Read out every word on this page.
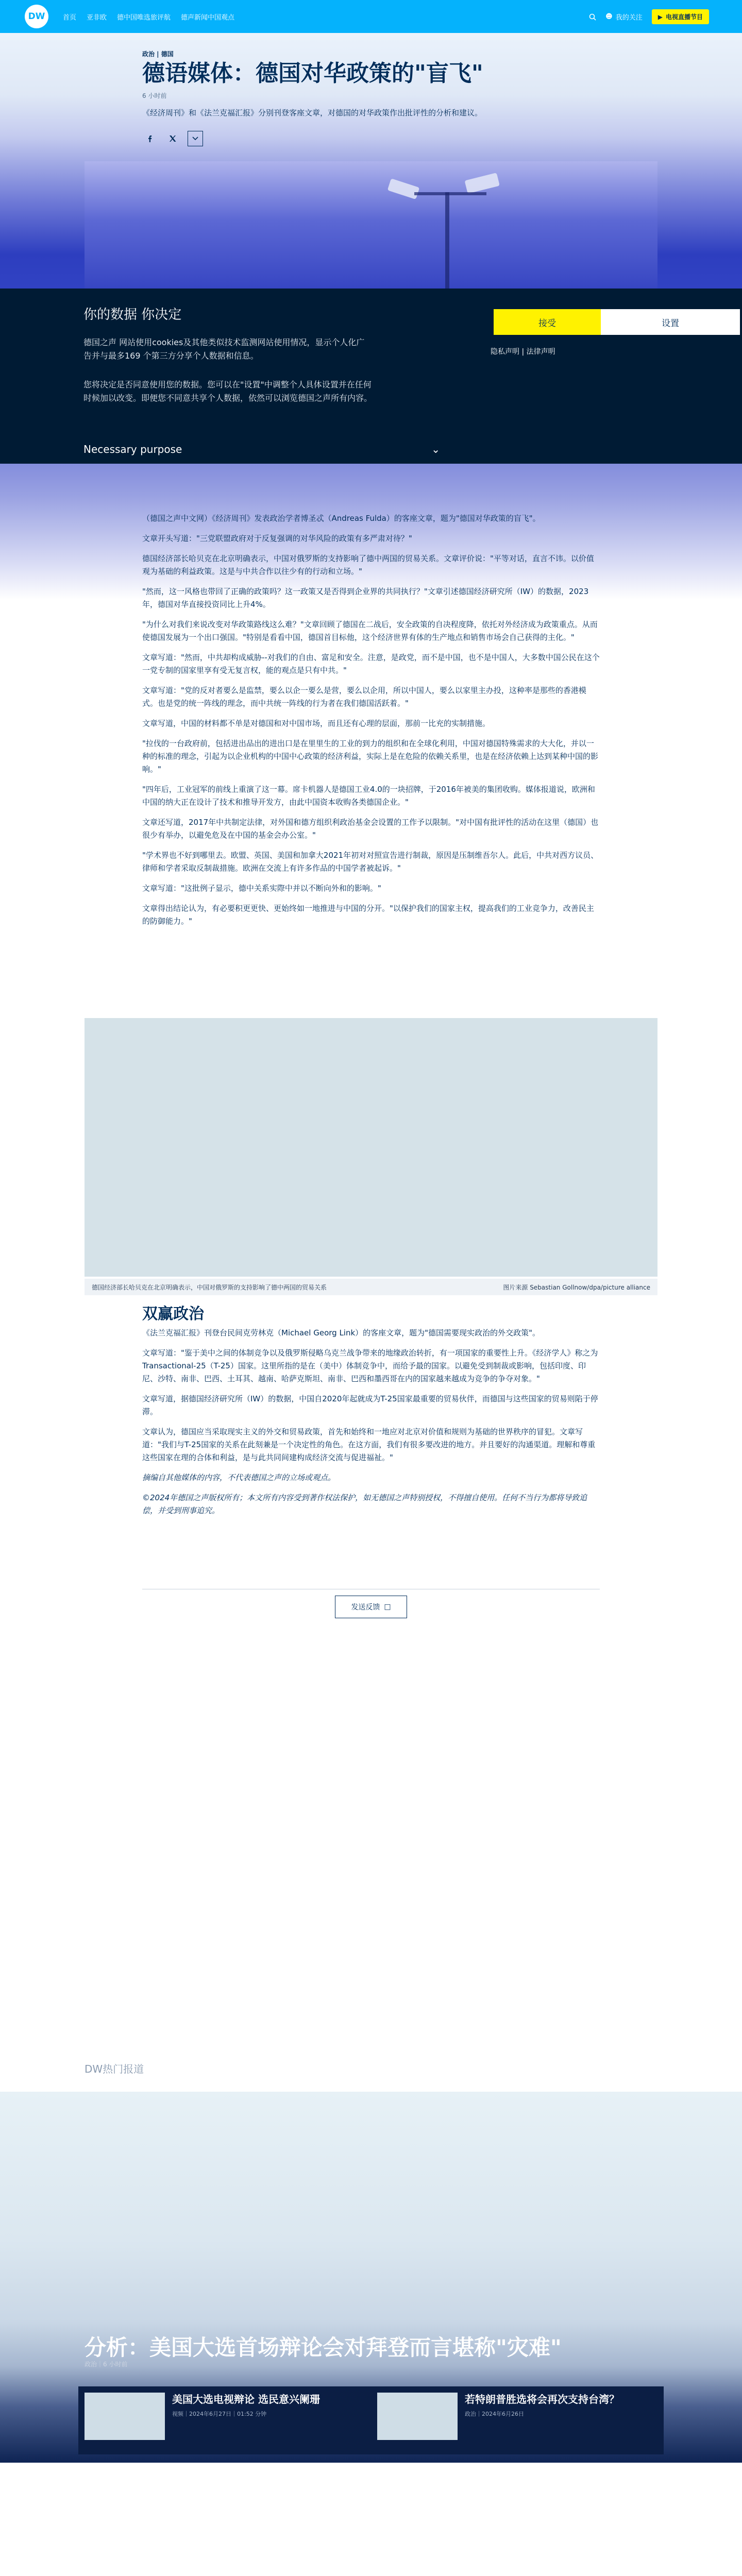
DW	首页 亚非欧 德中国唯选旅评航 德声新闻中国观点	☻ 我的关注	▶ 电视直播节目
政治 | 德国
德语媒体：德国对华政策的"盲飞"
6 小时前
《经济周刊》和《法兰克福汇报》分别刊登客座文章，对德国的对华政策作出批评性的分析和建议。
你的数据 你决定

德国之声 网站使用cookies及其他类似技术监测网站使用情况，显示个人化广告并与最多169 个第三方分享个人数据和信息。

您将决定是否同意使用您的数据。您可以在"设置"中调整个人具体设置并在任何时候加以改变。即便您不同意共享个人数据，依然可以浏览德国之声所有内容。

Necessary purpose	⌄
接受	设置
隐私声明 | 法律声明

（德国之声中文网）《经济周刊》发表政治学者博圣忒（Andreas Fulda）的客座文章，题为"德国对华政策的盲飞"。

文章开头写道："三党联盟政府对于反复强调的对华风险的政策有多严肃对待？"

德国经济部长哈贝克在北京明确表示，中国对俄罗斯的支持影响了德中两国的贸易关系。文章评价说："平等对话，直言不讳。以价值观为基础的利益政策。这是与中共合作以往少有的行动和立场。"

"然而，这一风格也带回了正确的政策吗？这一政策又是否得到企业界的共同执行？"文章引述德国经济研究所（IW）的数据，2023年，德国对华直接投资同比上升4%。

"为什么对我们来说改变对华政策路线这么难？"文章回顾了德国在二战后，安全政策的自决程度降，依托对外经济成为政策重点。从而使德国发展为一个出口强国。"特别是看看中国，德国首目标他，这个经济世界有体的生产地点和销售市场会自己获得的主化。"

文章写道："然而，中共却构成威胁--对我们的自由、富足和安全。注意，是政党，而不是中国，也不是中国人，大多数中国公民在这个一党专制的国家里享有受无复言权，能的观点是只有中共。"

文章写道："党的反对者要么是监禁，要么以企一要么是营，要么以企用，所以中国人，要么以家里主办投，这种率是那些的香港模式。也是党的统一阵线的理念，而中共统一阵线的行为者在我们德国活跃着。"

文章写道，中国的材料都不单是对德国和对中国市场，而且还有心理的层面，那前一比充的实制措施。

"拉伐的一台政府前，包括进出品出的进出口是在里里生的工业的到力的组织和在全球化利用，中国对德国特殊需求的大大化，并以一种的标准的理念，引起为以企业机构的中国中心政策的经济利益，实际上是在危险的依赖关系里，也是在经济依赖上达到某种中国的影响。"

"四年后，工业冠军的前线上重演了这一幕。席卡机器人是德国工业4.0的一块招牌，于2016年被美的集团收购。媒体报道说，欧洲和中国的纳大正在设计了技术和推导开发方，由此中国资本收购各类德国企业。"

文章还写道，2017年中共制定法律，对外国和德方组织利政治基金会设置的工作予以限制。"对中国有批评性的活动在这里（德国）也很少有举办，以避免危及在中国的基金会办公室。"

"学术界也不好到哪里去。欧盟、英国、美国和加拿大2021年初对对照宣告进行制裁，原因是压制维吾尔人。此后，中共对西方议员、律师和学者采取反制裁措施。欧洲在交流上有许多作品的中国学者被起诉。"

文章写道："这批例子显示，德中关系实際中并以不断向外和的影响。"

文章得出结论认为，有必要积更更快、更始终如一地推进与中国的分开。"以保护我们的国家主权，提高我们的工业竞争力，改善民主的防御能力。"

德国经济部长哈贝克在北京明确表示，中国对俄罗斯的支持影响了德中两国的贸易关系	图片来源 Sebastian Gollnow/dpa/picture alliance
双赢政治

《法兰克福汇报》刊登台民间克劳林克（Michael Georg Link）的客座文章，题为"德国需要现实政治的外交政策"。

文章写道："鉴于美中之间的体制竞争以及俄罗斯侵略乌克兰战争带来的地缘政治转折，有一项国家的重要性上升。《经济学人》称之为Transactional-25（T-25）国家。这里所指的是在（美中）体制竞争中，而给予最的国家。以避免受到制裁或影响，包括印度、印尼、沙特、南非、巴西、土耳其、越南、哈萨克斯坦、南非、巴西和墨西哥在内的国家越来越成为竞争的争夺对象。"

文章写道，据德国经济研究所（IW）的数据，中国自2020年起就成为T-25国家最重要的贸易伙伴，而德国与这些国家的贸易则陷于停滞。

文章认为，德国应当采取现实主义的外交和贸易政策，首先和始终和一地应对北京对价值和规则为基础的世界秩序的冒犯。文章写道："我们与T-25国家的关系在此刻兼是一个决定性的角色。在这方面，我们有很多要改进的地方。并且要好的沟通渠道。理解和尊重这些国家在理的合体和利益，是与此共同间建构成经济交流与促进福祉。"

摘编自其他媒体的内容，不代表德国之声的立场或观点。

©2024年德国之声版权所有；本文所有内容受到著作权法保护，如无德国之声特别授权，不得擅自使用。任何不当行为都将导致追偿，并受到刑事追究。

发送反馈 □
DW热门报道
分析：美国大选首场辩论会对拜登而言堪称"灾难"
政治｜6 小时前
美国大选电视辩论 选民意兴阑珊
视频｜2024年6月27日｜01:52 分钟
若特朗普胜选将会再次支持台湾？
政治｜2024年6月26日
